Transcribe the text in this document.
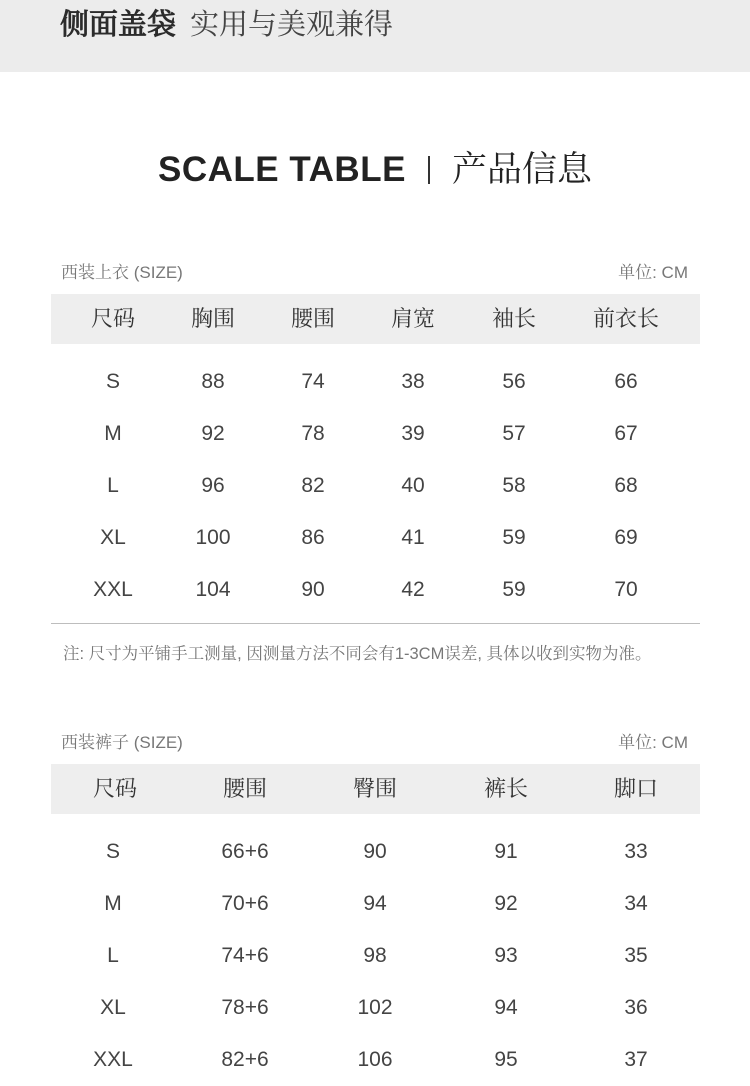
侧面盖袋 实用与美观兼得
SCALE TABLE 产品信息
西装上衣 (SIZE)	单位: CM
尺码	胸围	腰围	肩宽	袖长	前衣长
S	88	74	38	56	66
M	92	78	39	57	67
L	96	82	40	58	68
XL	100	86	41	59	69
XXL	104	90	42	59	70
注: 尺寸为平铺手工测量, 因测量方法不同会有1-3CM误差, 具体以收到实物为准。
西装裤子 (SIZE)	单位: CM
尺码	腰围	臀围	裤长	脚口
S	66+6	90	91	33
M	70+6	94	92	34
L	74+6	98	93	35
XL	78+6	102	94	36
XXL	82+6	106	95	37
